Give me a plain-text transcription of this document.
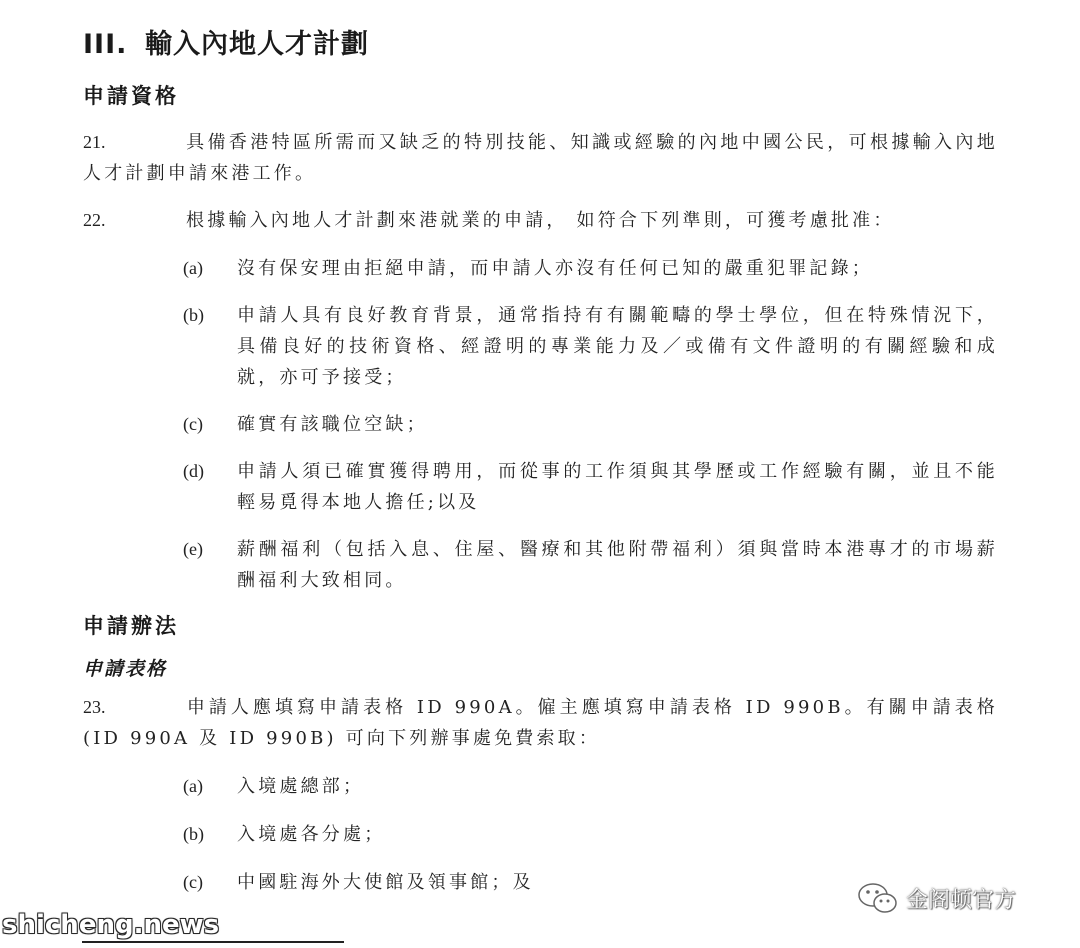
III. 輸入內地人才計劃
申請資格

21.	具備香港特區所需而又缺乏的特別技能、知識或經驗的內地中國公民，可根據輸入內地人才計劃申請來港工作。

22.	根據輸入內地人才計劃來港就業的申請， 如符合下列準則，可獲考慮批准：

(a)	沒有保安理由拒絕申請，而申請人亦沒有任何已知的嚴重犯罪記錄；
(b)	申請人具有良好教育背景，通常指持有有關範疇的學士學位，但在特殊情況下，具備良好的技術資格、經證明的專業能力及／或備有文件證明的有關經驗和成就，亦可予接受；
(c)	確實有該職位空缺；
(d)	申請人須已確實獲得聘用，而從事的工作須與其學歷或工作經驗有關，並且不能輕易覓得本地人擔任;以及
(e)	薪酬福利（包括入息、住屋、醫療和其他附帶福利）須與當時本港專才的市場薪酬福利大致相同。
申請辦法
申請表格

23.	申請人應填寫申請表格 ID 990A。僱主應填寫申請表格 ID 990B。有關申請表格 (ID 990A 及 ID 990B) 可向下列辦事處免費索取：

(a)	入境處總部；
(b)	入境處各分處；
(c)	中國駐海外大使館及領事館；及
金阁顿官方
shicheng.news
